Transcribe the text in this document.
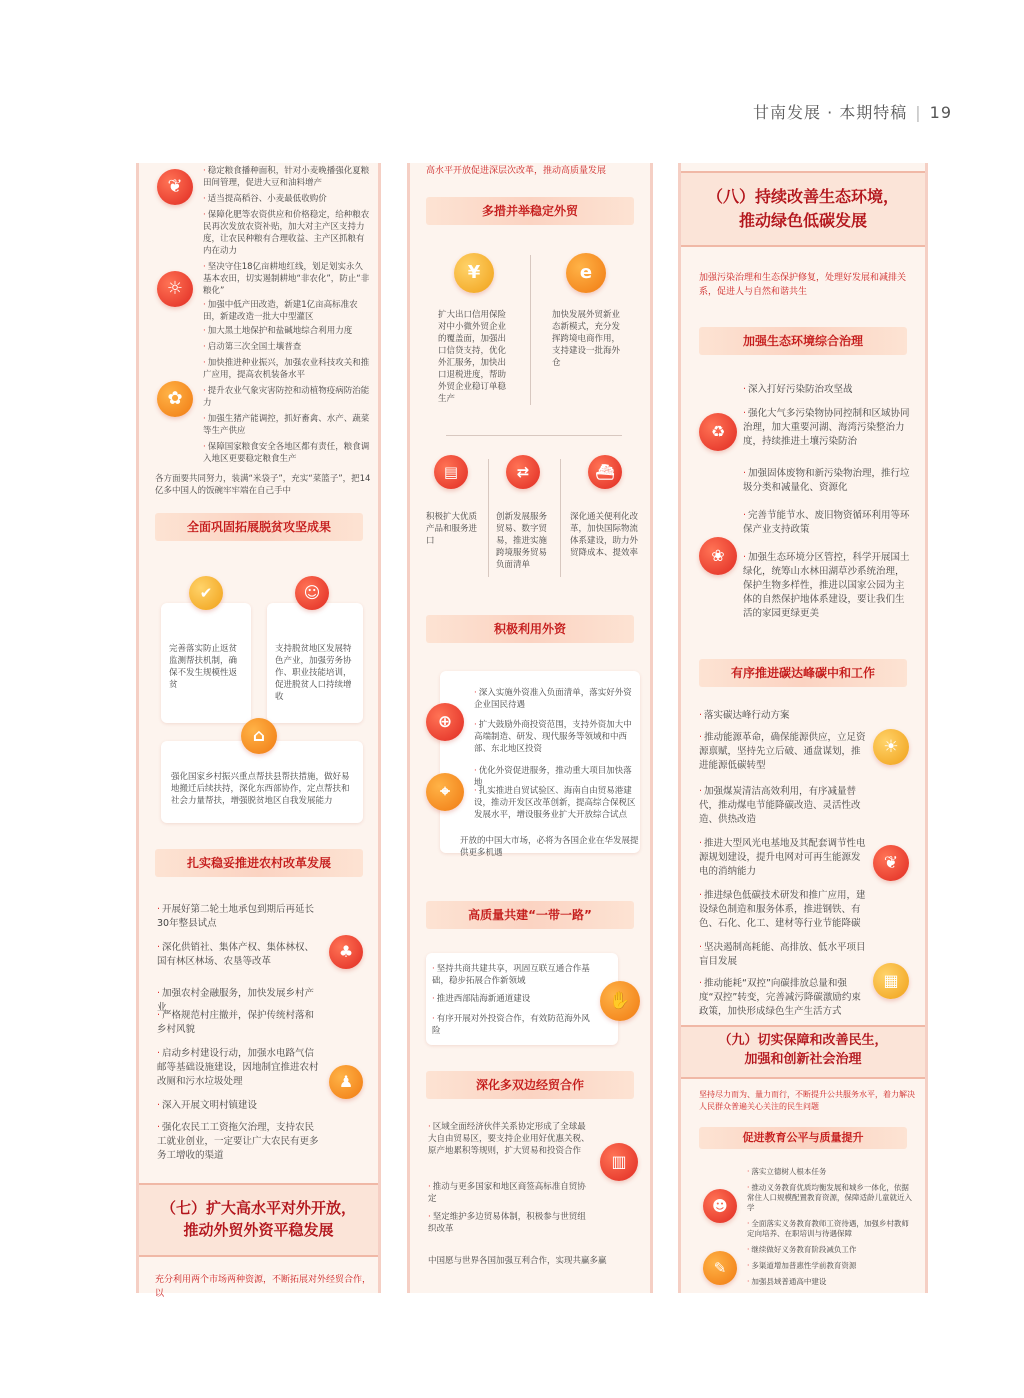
甘南发展 · 本期特稿 | 19
❦
· 稳定粮食播种面积，针对小麦晚播强化夏粮田间管理，促进大豆和油料增产
· 适当提高稻谷、小麦最低收购价
· 保障化肥等农资供应和价格稳定，给种粮农民再次发放农资补贴，加大对主产区支持力度，让农民种粮有合理收益、主产区抓粮有内在动力
· 坚决守住18亿亩耕地红线，划足划实永久基本农田，切实遏制耕地“非农化”，防止“非粮化”
☼
· 加强中低产田改造，新建1亿亩高标准农田，新建改造一批大中型灌区
· 加大黑土地保护和盐碱地综合利用力度
· 启动第三次全国土壤普查
· 加快推进种业振兴，加强农业科技攻关和推广应用，提高农机装备水平
✿	· 提升农业气象灾害防控和动植物疫病防治能力
· 加强生猪产能调控，抓好畜禽、水产、蔬菜等生产供应
· 保障国家粮食安全各地区都有责任，粮食调入地区更要稳定粮食生产
各方面要共同努力，装满“米袋子”，充实“菜篮子”，把14亿多中国人的饭碗牢牢端在自己手中
全面巩固拓展脱贫攻坚成果
✔
完善落实防止返贫监测帮扶机制，确保不发生规模性返贫
☺
支持脱贫地区发展特色产业，加强劳务协作、职业技能培训，促进脱贫人口持续增收
⌂
强化国家乡村振兴重点帮扶县帮扶措施，做好易地搬迁后续扶持，深化东西部协作，定点帮扶和社会力量帮扶，增强脱贫地区自我发展能力
扎实稳妥推进农村改革发展
· 开展好第二轮土地承包到期后再延长30年整县试点
· 深化供销社、集体产权、集体林权、国有林区林场、农垦等改革
♣
· 加强农村金融服务，加快发展乡村产业
· 严格规范村庄撤并，保护传统村落和乡村风貌
· 启动乡村建设行动，加强水电路气信邮等基础设施建设，因地制宜推进农村改厕和污水垃圾处理	♟
· 深入开展文明村镇建设
· 强化农民工工资拖欠治理，支持农民工就业创业，一定要让广大农民有更多务工增收的渠道
（七）扩大高水平对外开放，
推动外贸外资平稳发展
充分利用两个市场两种资源，不断拓展对外经贸合作，以
高水平开放促进深层次改革，推动高质量发展
多措并举稳定外贸
¥	e
扩大出口信用保险对中小微外贸企业的覆盖面，加强出口信贷支持，优化外汇服务，加快出口退税进度，帮助外贸企业稳订单稳生产
加快发展外贸新业态新模式，充分发挥跨境电商作用，支持建设一批海外仓
▤	⇄	⛴
积极扩大优质产品和服务进口
创新发展服务贸易、数字贸易，推进实施跨境服务贸易负面清单
深化通关便利化改革，加快国际物流体系建设，助力外贸降成本、提效率
积极利用外资
⊕
⌖
· 深入实施外资准入负面清单，落实好外资企业国民待遇
· 扩大鼓励外商投资范围，支持外资加大中高端制造、研发、现代服务等领域和中西部、东北地区投资
· 优化外资促进服务，推动重大项目加快落地
· 扎实推进自贸试验区、海南自由贸易港建设，推动开发区改革创新，提高综合保税区发展水平，增设服务业扩大开放综合试点
开放的中国大市场，必将为各国企业在华发展提供更多机遇
高质量共建“一带一路”
· 坚持共商共建共享，巩固互联互通合作基础，稳步拓展合作新领域
· 推进西部陆海新通道建设
· 有序开展对外投资合作，有效防范海外风险
✋
深化多双边经贸合作
· 区域全面经济伙伴关系协定形成了全球最大自由贸易区，要支持企业用好优惠关税、原产地累积等规则，扩大贸易和投资合作
▥
· 推动与更多国家和地区商签高标准自贸协定
· 坚定维护多边贸易体制，积极参与世贸组织改革
中国愿与世界各国加强互利合作，实现共赢多赢
（八）持续改善生态环境，
推动绿色低碳发展
加强污染治理和生态保护修复，处理好发展和减排关系，促进人与自然和谐共生
加强生态环境综合治理
· 深入打好污染防治攻坚战
♻
· 强化大气多污染物协同控制和区域协同治理，加大重要河湖、海湾污染整治力度，持续推进土壤污染防治
· 加强固体废物和新污染物治理，推行垃圾分类和减量化、资源化
· 完善节能节水、废旧物资循环利用等环保产业支持政策
❀	· 加强生态环境分区管控，科学开展国土绿化，统筹山水林田湖草沙系统治理，保护生物多样性，推进以国家公园为主体的自然保护地体系建设，要让我们生活的家园更绿更美
有序推进碳达峰碳中和工作
· 落实碳达峰行动方案
· 推动能源革命，确保能源供应，立足资源禀赋，坚持先立后破、通盘谋划，推进能源低碳转型
☀
· 加强煤炭清洁高效利用，有序减量替代，推动煤电节能降碳改造、灵活性改造、供热改造
· 推进大型风光电基地及其配套调节性电源规划建设，提升电网对可再生能源发电的消纳能力	❦
· 推进绿色低碳技术研发和推广应用，建设绿色制造和服务体系，推进钢铁、有色、石化、化工、建材等行业节能降碳
· 坚决遏制高耗能、高排放、低水平项目盲目发展
▦
· 推动能耗“双控”向碳排放总量和强度“双控”转变，完善减污降碳激励约束政策，加快形成绿色生产生活方式
（九）切实保障和改善民生，
加强和创新社会治理
坚持尽力而为、量力而行，不断提升公共服务水平，着力解决人民群众普遍关心关注的民生问题
促进教育公平与质量提升
· 落实立德树人根本任务
☻
· 推动义务教育优质均衡发展和城乡一体化，依据常住人口规模配置教育资源，保障适龄儿童就近入学
· 全面落实义务教育教师工资待遇，加强乡村教师定向培养、在职培训与待遇保障
· 继续做好义务教育阶段减负工作
✎	· 多渠道增加普惠性学前教育资源
· 加强县域普通高中建设
